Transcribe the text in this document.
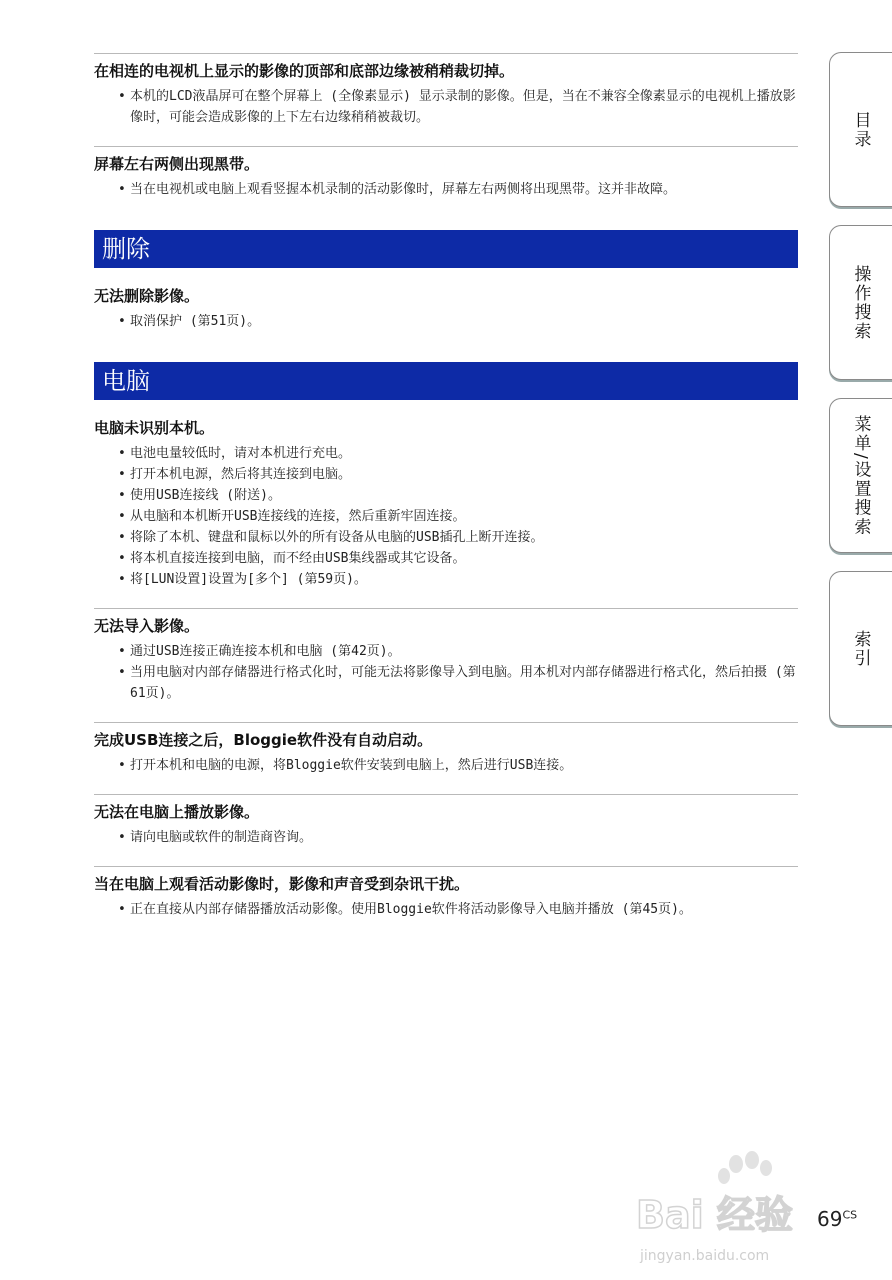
在相连的电视机上显示的影像的顶部和底部边缘被稍稍裁切掉。
• 本机的LCD液晶屏可在整个屏幕上 (全像素显示) 显示录制的影像。但是，当在不兼容全像素显示的电视机上播放影像时，可能会造成影像的上下左右边缘稍稍被裁切。
屏幕左右两侧出现黑带。
• 当在电视机或电脑上观看竖握本机录制的活动影像时，屏幕左右两侧将出现黑带。这并非故障。
删除
无法删除影像。
• 取消保护 (第51页)。
电脑
电脑未识别本机。
• 电池电量较低时，请对本机进行充电。
• 打开本机电源，然后将其连接到电脑。
• 使用USB连接线 (附送)。
• 从电脑和本机断开USB连接线的连接，然后重新牢固连接。
• 将除了本机、键盘和鼠标以外的所有设备从电脑的USB插孔上断开连接。
• 将本机直接连接到电脑，而不经由USB集线器或其它设备。
• 将[LUN设置]设置为[多个] (第59页)。
无法导入影像。
• 通过USB连接正确连接本机和电脑 (第42页)。
• 当用电脑对内部存储器进行格式化时，可能无法将影像导入到电脑。用本机对内部存储器进行格式化，然后拍摄 (第61页)。
完成USB连接之后，Bloggie软件没有自动启动。
• 打开本机和电脑的电源，将Bloggie软件安装到电脑上，然后进行USB连接。
无法在电脑上播放影像。
• 请向电脑或软件的制造商咨询。
当在电脑上观看活动影像时，影像和声音受到杂讯干扰。
• 正在直接从内部存储器播放活动影像。使用Bloggie软件将活动影像导入电脑并播放 (第45页)。
目录
操作搜索
菜单/设置搜索
索引
Bai 经验
jingyan.baidu.com
$69^{CS}$
